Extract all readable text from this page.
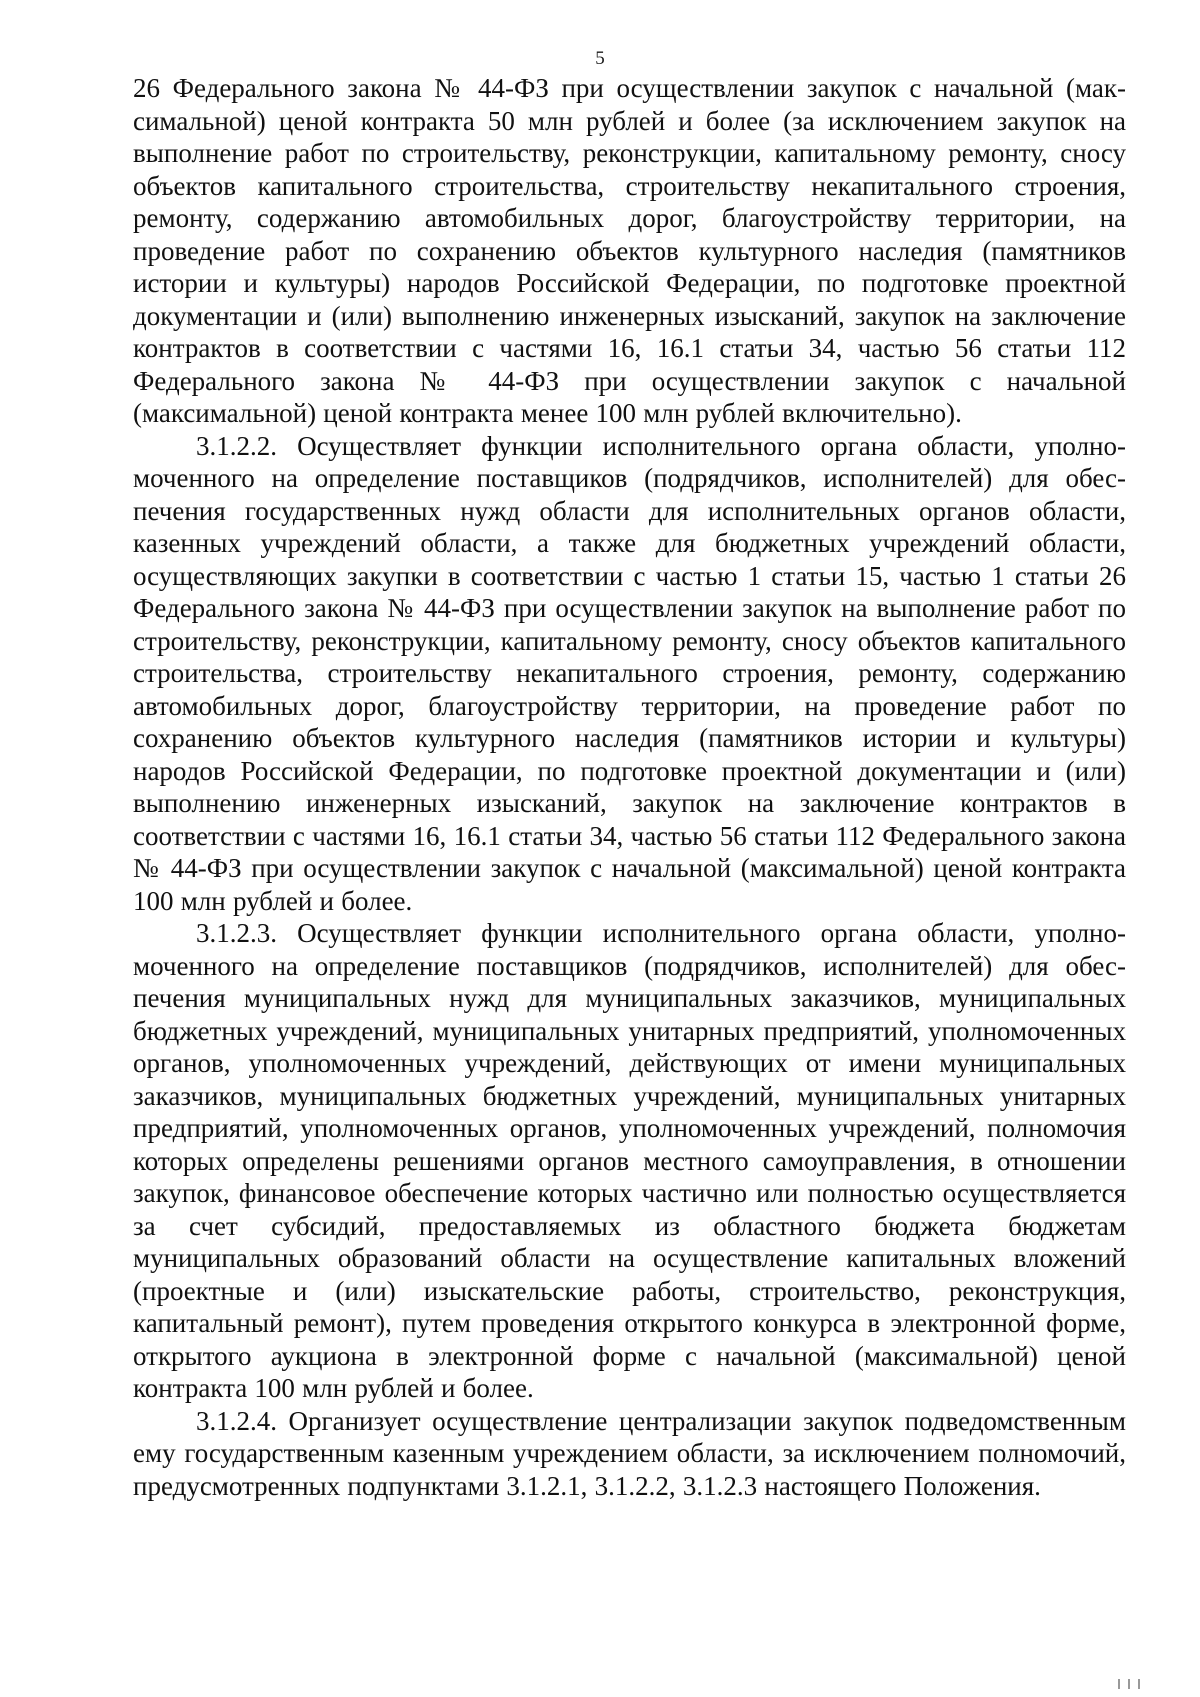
5

26 Федерального закона № 44-ФЗ при осуществлении закупок с начальной (максимальной) ценой контракта 50 млн рублей и более (за исключением закупок на выполнение работ по строительству, реконструкции, капитальному ремонту, сносу объектов капитального строительства, строительству некапитального строения, ремонту, содержанию автомобильных дорог, благоустройству территории, на проведение работ по сохранению объектов культурного наследия (памятников истории и культуры) народов Российской Федерации, по подготовке проектной документации и (или) выполнению инженерных изысканий, закупок на заключение контрактов в соответствии с частями 16, 16.1 статьи 34, частью 56 статьи 112 Федерального закона № 44-ФЗ при осуществлении закупок с начальной (максимальной) ценой контракта менее 100 млн рублей включительно).

3.1.2.2. Осуществляет функции исполнительного органа области, уполномоченного на определение поставщиков (подрядчиков, исполнителей) для обеспечения государственных нужд области для исполнительных органов области, казенных учреждений области, а также для бюджетных учреждений области, осуществляющих закупки в соответствии с частью 1 статьи 15, частью 1 статьи 26 Федерального закона № 44-ФЗ при осуществлении закупок на выполнение работ по строительству, реконструкции, капитальному ремонту, сносу объектов капитального строительства, строительству некапитального строения, ремонту, содержанию автомобильных дорог, благоустройству территории, на проведение работ по сохранению объектов культурного наследия (памятников истории и культуры) народов Российской Федерации, по подготовке проектной документации и (или) выполнению инженерных изысканий, закупок на заключение контрактов в соответствии с частями 16, 16.1 статьи 34, частью 56 статьи 112 Федерального закона № 44-ФЗ при осуществлении закупок с начальной (максимальной) ценой контракта 100 млн рублей и более.

3.1.2.3. Осуществляет функции исполнительного органа области, уполномоченного на определение поставщиков (подрядчиков, исполнителей) для обеспечения муниципальных нужд для муниципальных заказчиков, муниципальных бюджетных учреждений, муниципальных унитарных предприятий, уполномоченных органов, уполномоченных учреждений, действующих от имени муниципальных заказчиков, муниципальных бюджетных учреждений, муниципальных унитарных предприятий, уполномоченных органов, уполномоченных учреждений, полномочия которых определены решениями органов местного самоуправления, в отношении закупок, финансовое обеспечение которых частично или полностью осуществляется за счет субсидий, предоставляемых из областного бюджета бюджетам муниципальных образований области на осуществление капитальных вложений (проектные и (или) изыскательские работы, строительство, реконструкция, капитальный ремонт), путем проведения открытого конкурса в электронной форме, открытого аукциона в электронной форме с начальной (максимальной) ценой контракта 100 млн рублей и более.

3.1.2.4. Организует осуществление централизации закупок подведомственным ему государственным казенным учреждением области, за исключением полномочий, предусмотренных подпунктами 3.1.2.1, 3.1.2.2, 3.1.2.3 настоящего Положения.
